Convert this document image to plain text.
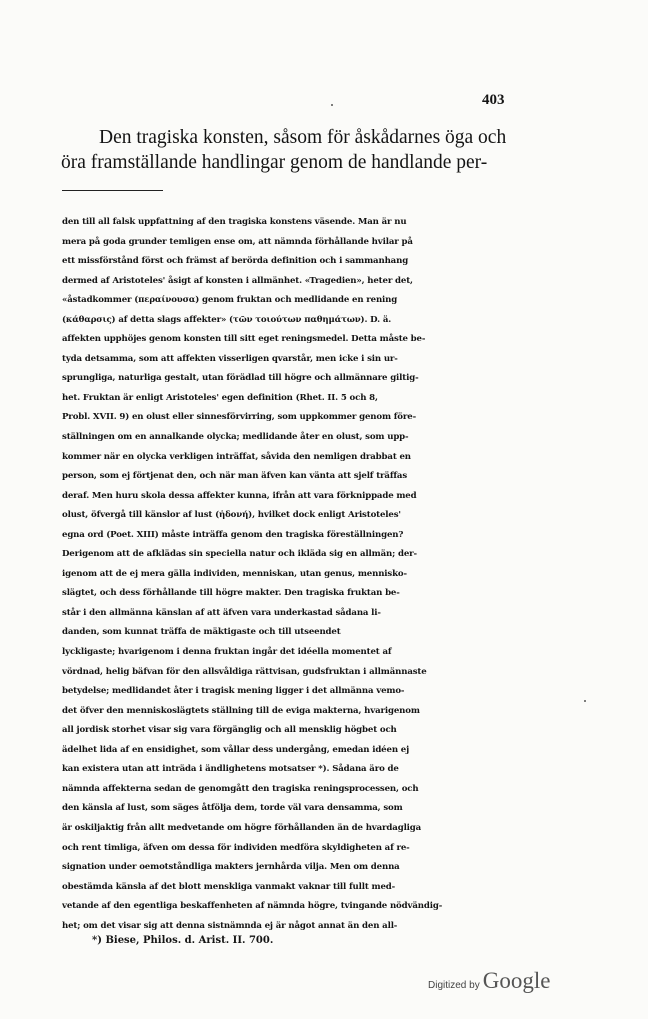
403
Den tragiska konsten, såsom för åskådarnes öga och
öra framställande handlingar genom de handlande per-
den till all falsk uppfattning af den tragiska konstens väsende. Man är nu
mera på goda grunder temligen ense om, att nämnda förhållande hvilar på
ett missförstånd först och främst af berörda definition och i sammanhang
dermed af Aristoteles' åsigt af konsten i allmänhet. «Tragedien», heter det,
«åstadkommer (περαίνουσα) genom fruktan och medlidande en rening
(κάθαρσις) af detta slags affekter» (τῶν τοιούτων παθημάτων). D. ä.
affekten upphöjes genom konsten till sitt eget reningsmedel. Detta måste be-
tyda detsamma, som att affekten visserligen qvarstår, men icke i sin ur-
sprungliga, naturliga gestalt, utan förädlad till högre och allmännare giltig-
het. Fruktan är enligt Aristoteles' egen definition (Rhet. II. 5 och 8,
Probl. XVII. 9) en olust eller sinnesförvirring, som uppkommer genom före-
ställningen om en annalkande olycka; medlidande åter en olust, som upp-
kommer när en olycka verkligen inträffat, såvida den nemligen drabbat en
person, som ej förtjenat den, och när man äfven kan vänta att sjelf träffas
deraf. Men huru skola dessa affekter kunna, ifrån att vara förknippade med
olust, öfvergå till känslor af lust (ἡδονή), hvilket dock enligt Aristoteles'
egna ord (Poet. XIII) måste inträffa genom den tragiska föreställningen?
Derigenom att de afklädas sin speciella natur och ikläda sig en allmän; der-
igenom att de ej mera gälla individen, menniskan, utan genus, mennisko-
slägtet, och dess förhållande till högre makter. Den tragiska fruktan be-
står i den allmänna känslan af att äfven vara underkastad sådana li-
danden, som kunnat träffa de mäktigaste och till utseendet
lyckligaste; hvarigenom i denna fruktan ingår det idéella momentet af
vördnad, helig bäfvan för den allsvåldiga rättvisan, gudsfruktan i allmännaste
betydelse; medlidandet åter i tragisk mening ligger i det allmänna vemo-
det öfver den menniskoslägtets ställning till de eviga makterna, hvarigenom
all jordisk storhet visar sig vara förgänglig och all mensklig högbet och
ädelhet lida af en ensidighet, som vållar dess undergång, emedan idéen ej
kan existera utan att inträda i ändlighetens motsatser *). Sådana äro de
nämnda affekterna sedan de genomgått den tragiska reningsprocessen, och
den känsla af lust, som säges åtfölja dem, torde väl vara densamma, som
är oskiljaktig från allt medvetande om högre förhållanden än de hvardagliga
och rent timliga, äfven om dessa för individen medföra skyldigheten af re-
signation under oemotståndliga makters jernhårda vilja. Men om denna
obestämda känsla af det blott menskliga vanmakt vaknar till fullt med-
vetande af den egentliga beskaffenheten af nämnda högre, tvingande nödvändig-
het; om det visar sig att denna sistnämnda ej är något annat än den all-
*) Biese, Philos. d. Arist. II. 700.
Digitized by Google
